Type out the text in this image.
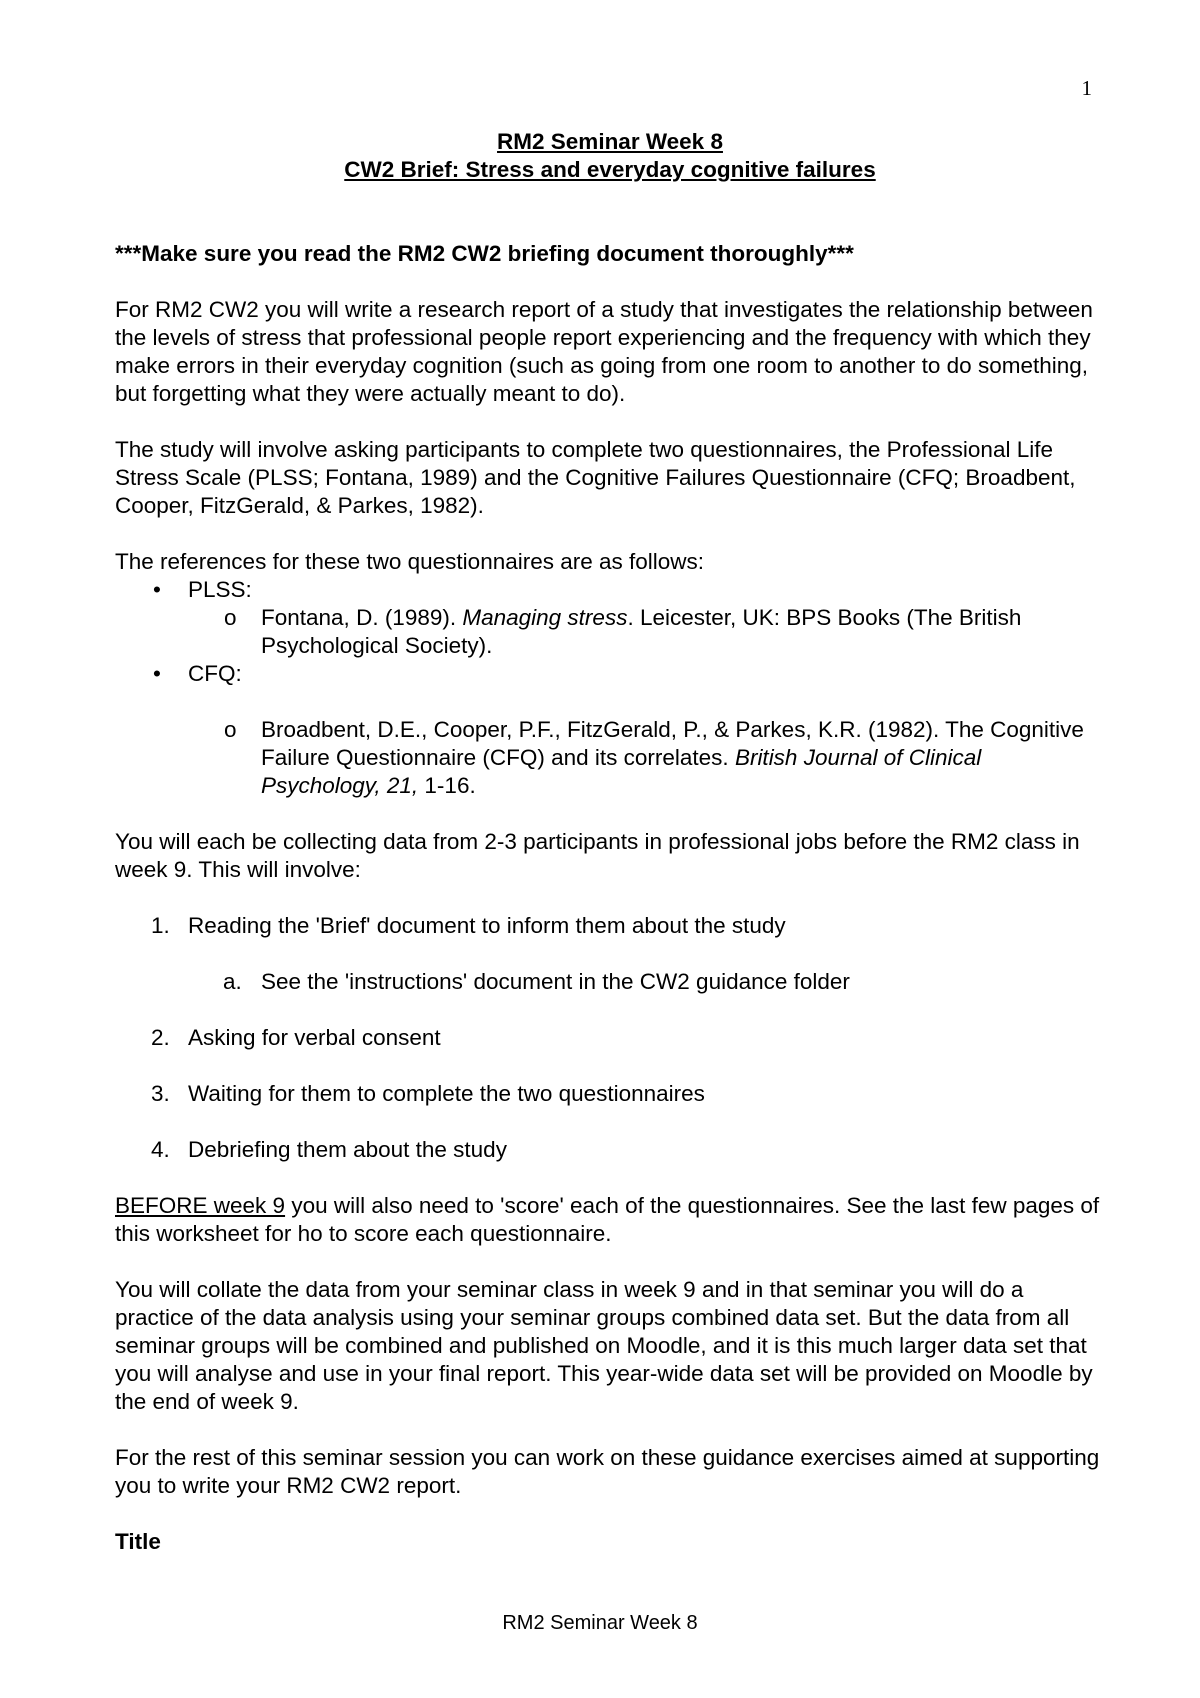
1
RM2 Seminar Week 8
CW2 Brief: Stress and everyday cognitive failures

***Make sure you read the RM2 CW2 briefing document thoroughly***

For RM2 CW2 you will write a research report of a study that investigates the relationship between the levels of stress that professional people report experiencing and the frequency with which they make errors in their everyday cognition (such as going from one room to another to do something, but forgetting what they were actually meant to do).

The study will involve asking participants to complete two questionnaires, the Professional Life Stress Scale (PLSS; Fontana, 1989) and the Cognitive Failures Questionnaire (CFQ; Broadbent, Cooper, FitzGerald, & Parkes, 1982).

The references for these two questionnaires are as follows:

• PLSS:
o Fontana, D. (1989). Managing stress. Leicester, UK: BPS Books (The British Psychological Society).
• CFQ:
o Broadbent, D.E., Cooper, P.F., FitzGerald, P., & Parkes, K.R. (1982). The Cognitive Failure Questionnaire (CFQ) and its correlates. British Journal of Clinical Psychology, 21, 1-16.

You will each be collecting data from 2-3 participants in professional jobs before the RM2 class in week 9. This will involve:

1. Reading the 'Brief' document to inform them about the study
a. See the 'instructions' document in the CW2 guidance folder
2. Asking for verbal consent
3. Waiting for them to complete the two questionnaires
4. Debriefing them about the study

BEFORE week 9 you will also need to 'score' each of the questionnaires. See the last few pages of this worksheet for ho to score each questionnaire.

You will collate the data from your seminar class in week 9 and in that seminar you will do a practice of the data analysis using your seminar groups combined data set. But the data from all seminar groups will be combined and published on Moodle, and it is this much larger data set that you will analyse and use in your final report. This year-wide data set will be provided on Moodle by the end of week 9.

For the rest of this seminar session you can work on these guidance exercises aimed at supporting you to write your RM2 CW2 report.

Title

RM2 Seminar Week 8
